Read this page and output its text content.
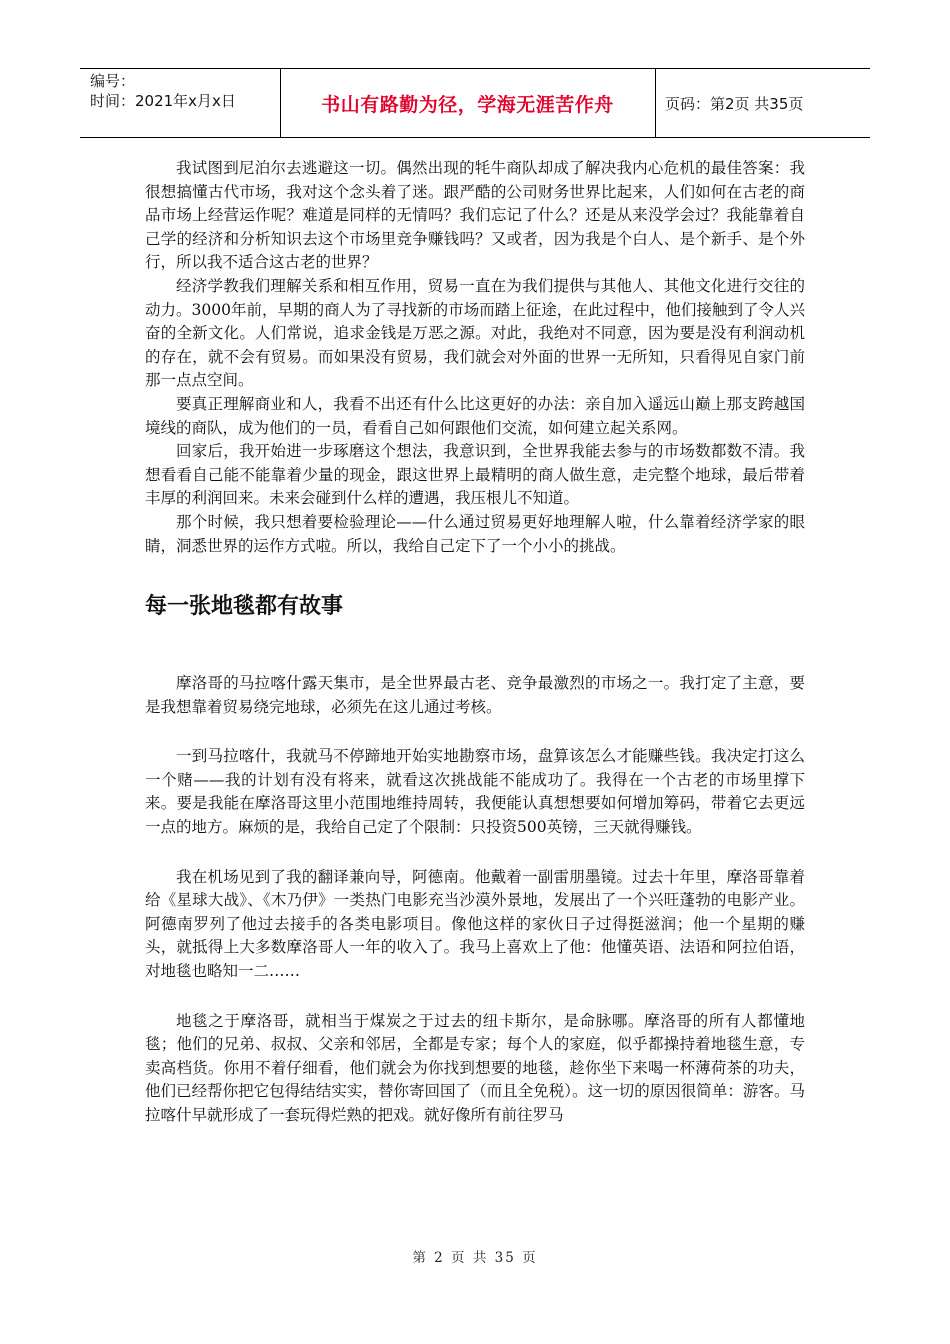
编号：
时间：2021年x月x日	书山有路勤为径，学海无涯苦作舟	页码：第2页 共35页

我试图到尼泊尔去逃避这一切。偶然出现的牦牛商队却成了解决我内心危机的最佳答案：我很想搞懂古代市场，我对这个念头着了迷。跟严酷的公司财务世界比起来，人们如何在古老的商品市场上经营运作呢？难道是同样的无情吗？我们忘记了什么？还是从来没学会过？我能靠着自己学的经济和分析知识去这个市场里竞争赚钱吗？又或者，因为我是个白人、是个新手、是个外行，所以我不适合这古老的世界？

经济学教我们理解关系和相互作用，贸易一直在为我们提供与其他人、其他文化进行交往的动力。3000年前，早期的商人为了寻找新的市场而踏上征途，在此过程中，他们接触到了令人兴奋的全新文化。人们常说，追求金钱是万恶之源。对此，我绝对不同意，因为要是没有利润动机的存在，就不会有贸易。而如果没有贸易，我们就会对外面的世界一无所知，只看得见自家门前那一点点空间。

要真正理解商业和人，我看不出还有什么比这更好的办法：亲自加入遥远山巅上那支跨越国境线的商队，成为他们的一员，看看自己如何跟他们交流，如何建立起关系网。

回家后，我开始进一步琢磨这个想法，我意识到，全世界我能去参与的市场数都数不清。我想看看自己能不能靠着少量的现金，跟这世界上最精明的商人做生意，走完整个地球，最后带着丰厚的利润回来。未来会碰到什么样的遭遇，我压根儿不知道。

那个时候，我只想着要检验理论——什么通过贸易更好地理解人啦，什么靠着经济学家的眼睛，洞悉世界的运作方式啦。所以，我给自己定下了一个小小的挑战。

每一张地毯都有故事

摩洛哥的马拉喀什露天集市，是全世界最古老、竞争最激烈的市场之一。我打定了主意，要是我想靠着贸易绕完地球，必须先在这儿通过考核。

一到马拉喀什，我就马不停蹄地开始实地勘察市场，盘算该怎么才能赚些钱。我决定打这么一个赌——我的计划有没有将来，就看这次挑战能不能成功了。我得在一个古老的市场里撑下来。要是我能在摩洛哥这里小范围地维持周转，我便能认真想想要如何增加筹码，带着它去更远一点的地方。麻烦的是，我给自己定了个限制：只投资500英镑，三天就得赚钱。

我在机场见到了我的翻译兼向导，阿德南。他戴着一副雷朋墨镜。过去十年里，摩洛哥靠着给《星球大战》、《木乃伊》一类热门电影充当沙漠外景地，发展出了一个兴旺蓬勃的电影产业。阿德南罗列了他过去接手的各类电影项目。像他这样的家伙日子过得挺滋润；他一个星期的赚头，就抵得上大多数摩洛哥人一年的收入了。我马上喜欢上了他：他懂英语、法语和阿拉伯语，对地毯也略知一二……

地毯之于摩洛哥，就相当于煤炭之于过去的纽卡斯尔，是命脉哪。摩洛哥的所有人都懂地毯；他们的兄弟、叔叔、父亲和邻居，全都是专家；每个人的家庭，似乎都操持着地毯生意，专卖高档货。你用不着仔细看，他们就会为你找到想要的地毯，趁你坐下来喝一杯薄荷茶的功夫，他们已经帮你把它包得结结实实，替你寄回国了（而且全免税）。这一切的原因很简单：游客。马拉喀什早就形成了一套玩得烂熟的把戏。就好像所有前往罗马

第 2 页 共 35 页
